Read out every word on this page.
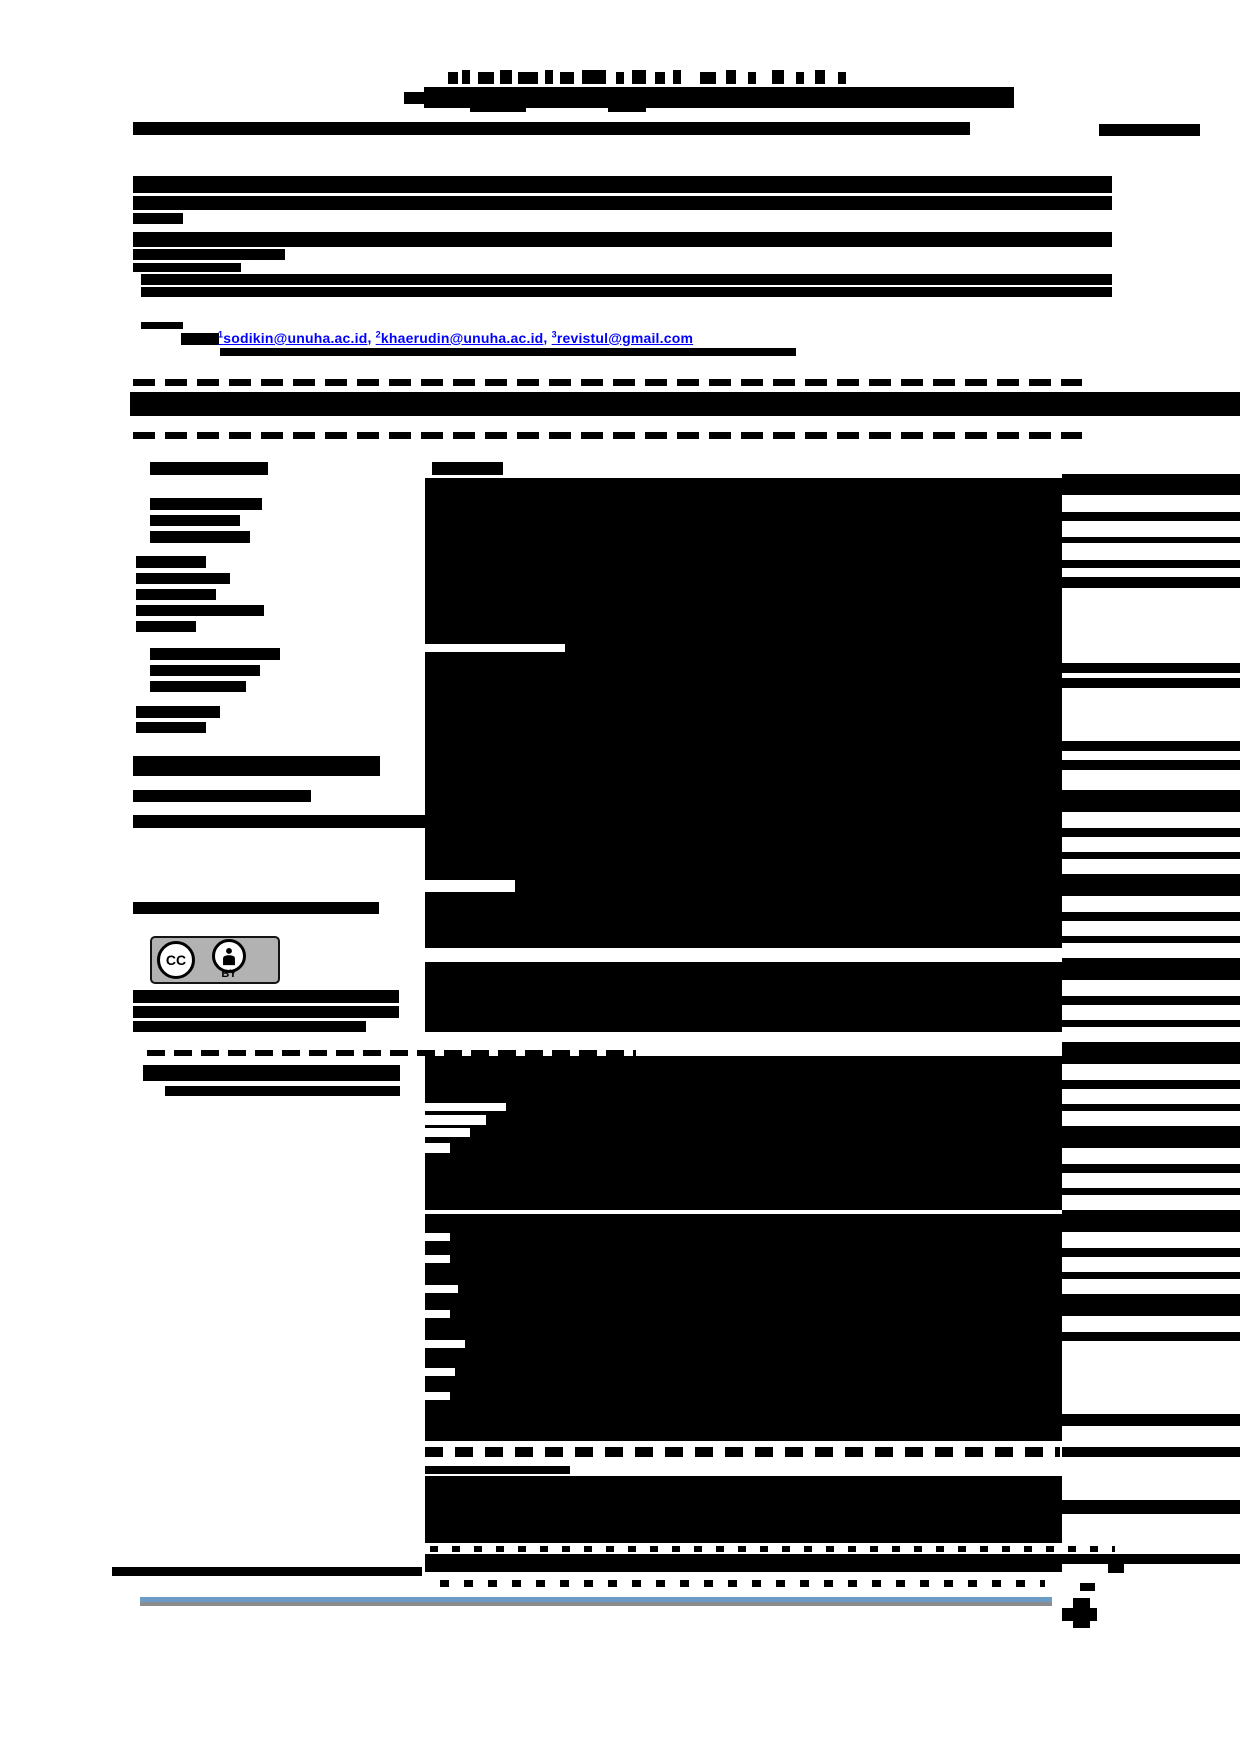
$^1$sodikin@unuha.ac.id, $^2$khaerudin@unuha.ac.id, $^3$revistul@gmail.com
CC
BY
